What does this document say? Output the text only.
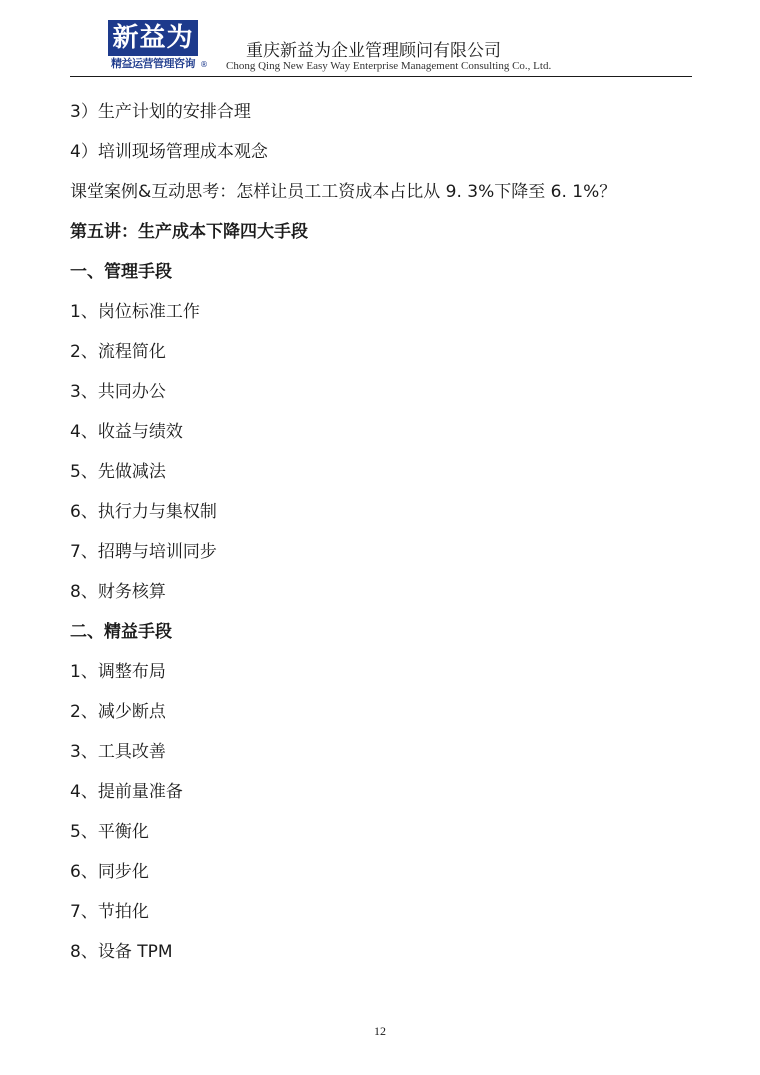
新益为
精益运营管理咨询 ®
重庆新益为企业管理顾问有限公司
Chong Qing New Easy Way Enterprise Management Consulting Co., Ltd.
3）生产计划的安排合理
4）培训现场管理成本观念
课堂案例&互动思考：怎样让员工工资成本占比从 9. 3%下降至 6. 1%？
第五讲：生产成本下降四大手段
一、管理手段
1、岗位标准工作
2、流程简化
3、共同办公
4、收益与绩效
5、先做减法
6、执行力与集权制
7、招聘与培训同步
8、财务核算
二、精益手段
1、调整布局
2、减少断点
3、工具改善
4、提前量准备
5、平衡化
6、同步化
7、节拍化
8、设备 TPM
12
